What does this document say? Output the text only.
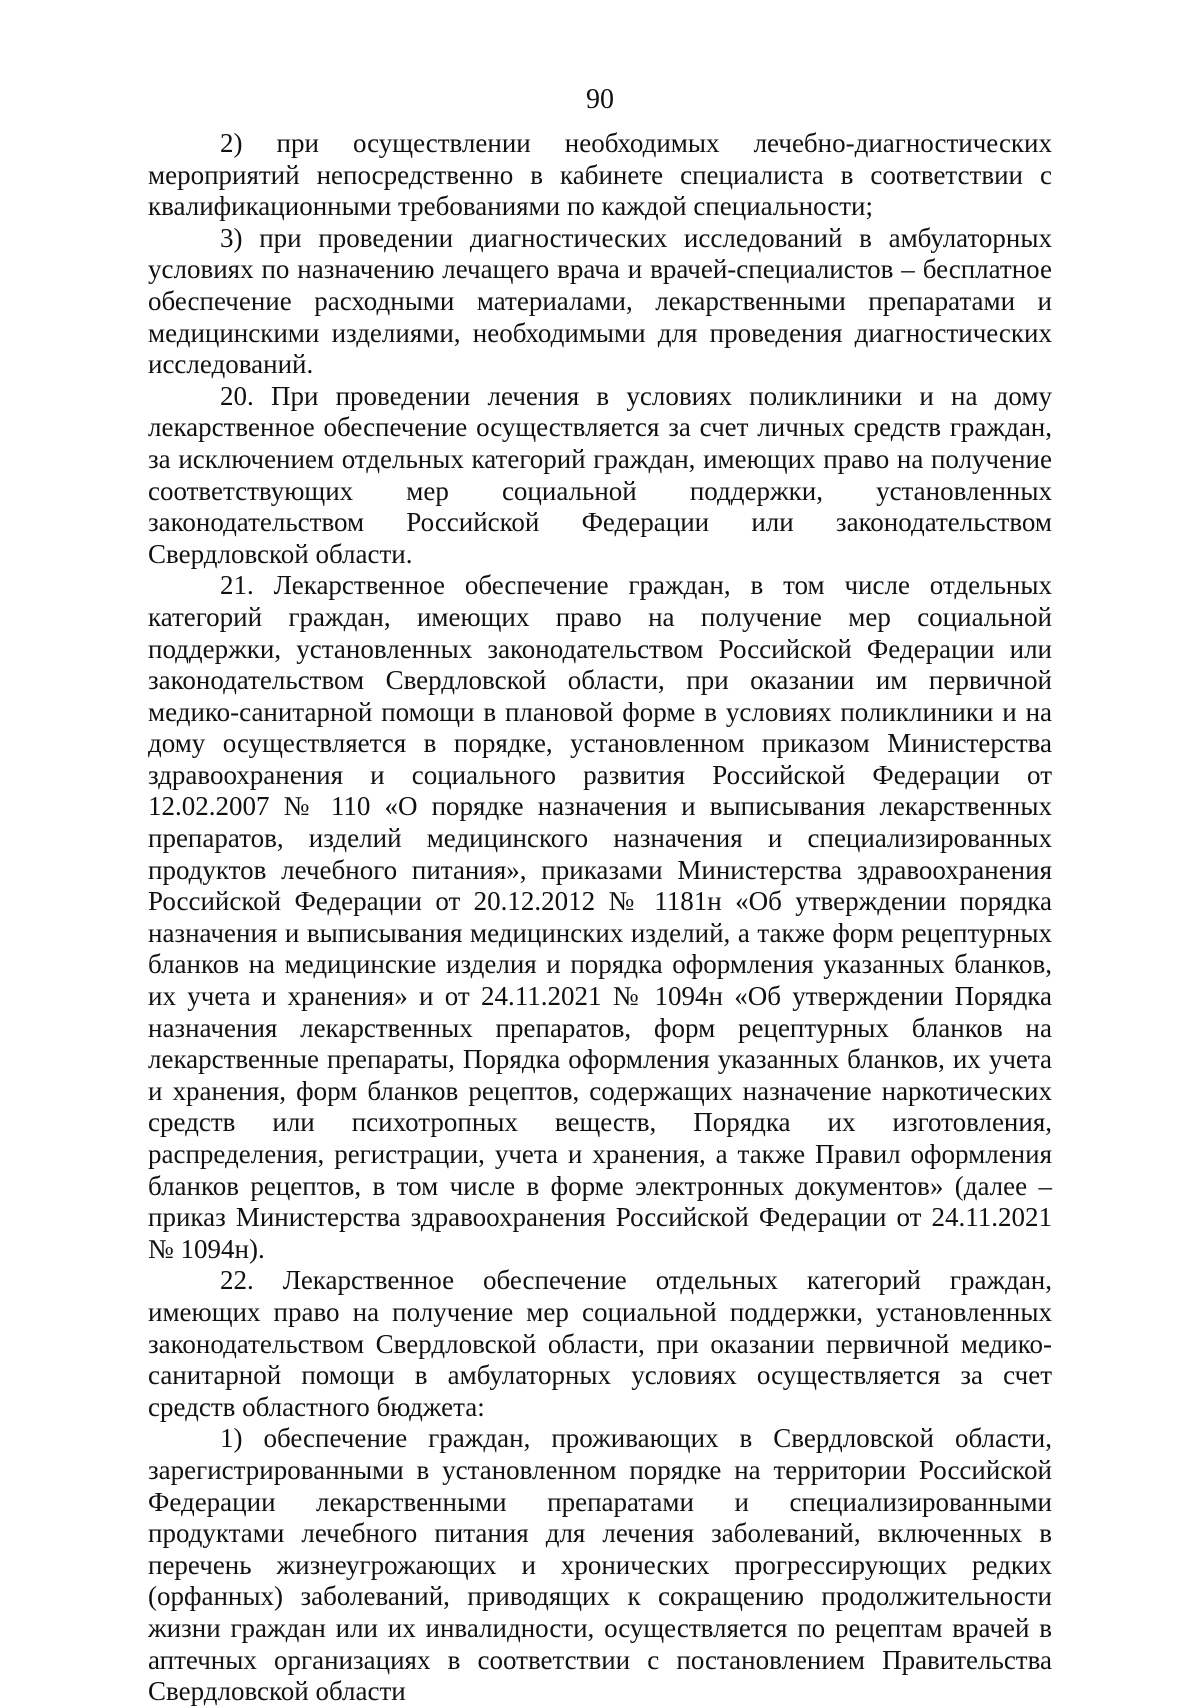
90

2) при осуществлении необходимых лечебно-диагностических мероприятий непосредственно в кабинете специалиста в соответствии с квалификационными требованиями по каждой специальности;

3) при проведении диагностических исследований в амбулаторных условиях по назначению лечащего врача и врачей-специалистов – бесплатное обеспечение расходными материалами, лекарственными препаратами и медицинскими изделиями, необходимыми для проведения диагностических исследований.

20. При проведении лечения в условиях поликлиники и на дому лекарственное обеспечение осуществляется за счет личных средств граждан, за исключением отдельных категорий граждан, имеющих право на получение соответствующих мер социальной поддержки, установленных законодательством Российской Федерации или законодательством Свердловской области.

21. Лекарственное обеспечение граждан, в том числе отдельных категорий граждан, имеющих право на получение мер социальной поддержки, установленных законодательством Российской Федерации или законодательством Свердловской области, при оказании им первичной медико-санитарной помощи в плановой форме в условиях поликлиники и на дому осуществляется в порядке, установленном приказом Министерства здравоохранения и социального развития Российской Федерации от 12.02.2007 № 110 «О порядке назначения и выписывания лекарственных препаратов, изделий медицинского назначения и специализированных продуктов лечебного питания», приказами Министерства здравоохранения Российской Федерации от 20.12.2012 № 1181н «Об утверждении порядка назначения и выписывания медицинских изделий, а также форм рецептурных бланков на медицинские изделия и порядка оформления указанных бланков, их учета и хранения» и от 24.11.2021 № 1094н «Об утверждении Порядка назначения лекарственных препаратов, форм рецептурных бланков на лекарственные препараты, Порядка оформления указанных бланков, их учета и хранения, форм бланков рецептов, содержащих назначение наркотических средств или психотропных веществ, Порядка их изготовления, распределения, регистрации, учета и хранения, а также Правил оформления бланков рецептов, в том числе в форме электронных документов» (далее – приказ Министерства здравоохранения Российской Федерации от 24.11.2021 № 1094н).

22. Лекарственное обеспечение отдельных категорий граждан, имеющих право на получение мер социальной поддержки, установленных законодательством Свердловской области, при оказании первичной медико-санитарной помощи в амбулаторных условиях осуществляется за счет средств областного бюджета:

1) обеспечение граждан, проживающих в Свердловской области, зарегистрированными в установленном порядке на территории Российской Федерации лекарственными препаратами и специализированными продуктами лечебного питания для лечения заболеваний, включенных в перечень жизнеугрожающих и хронических прогрессирующих редких (орфанных) заболеваний, приводящих к сокращению продолжительности жизни граждан или их инвалидности, осуществляется по рецептам врачей в аптечных организациях в соответствии с постановлением Правительства Свердловской области
